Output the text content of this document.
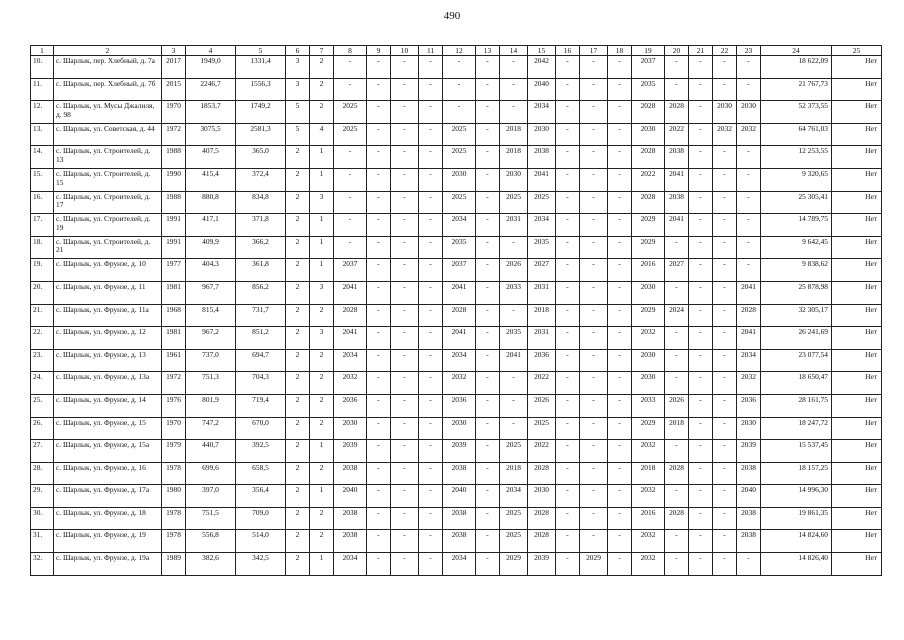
490
1	2	3	4	5	6	7	8	9	10	11	12	13	14	15	16	17	18	19	20	21	22	23	24	25
10.	с. Шарлык, пер. Хлебный, д. 7а	2017	1949,0	1331,4	3	2	-	-	-	-	-	-	-	2042	-	-	-	2037	-	-	-	-	18 622,09	Нет
11.	с. Шарлык, пер. Хлебный, д. 7б	2015	2246,7	1556,3	3	2	-	-	-	-	-	-	-	2040	-	-	-	2035	-	-	-	-	21 767,73	Нет
12.	с. Шарлык, ул. Мусы Джалиля, д. 98	1970	1853,7	1749,2	5	2	2025	-	-	-	-	-	-	2034	-	-	-	2028	2028	-	2030	2030	52 373,55	Нет
13.	с. Шарлык, ул. Советская, д. 44	1972	3075,5	2581,3	5	4	2025	-	-	-	2025	-	2018	2030	-	-	-	2030	2022	-	2032	2032	64 761,03	Нет
14.	с. Шарлык, ул. Строителей, д. 13	1988	407,5	365,0	2	1	-	-	-	-	2025	-	2018	2038	-	-	-	2028	2038	-	-	-	12 253,55	Нет
15.	с. Шарлык, ул. Строителей, д. 15	1990	415,4	372,4	2	1	-	-	-	-	2030	-	2030	2041	-	-	-	2022	2041	-	-	-	9 320,65	Нет
16.	с. Шарлык, ул. Строителей, д. 17	1988	880,8	834,8	2	3	-	-	-	-	2025	-	2025	2025	-	-	-	2028	2038	-	-	-	25 305,41	Нет
17.	с. Шарлык, ул. Строителей, д. 19	1991	417,1	371,8	2	1	-	-	-	-	2034	-	2031	2034	-	-	-	2029	2041	-	-	-	14 789,75	Нет
18.	с. Шарлык, ул. Строителей, д. 21	1991	409,9	366,2	2	1	-	-	-	-	2035	-	-	2035	-	-	-	2029	-	-	-	-	9 642,45	Нет
19.	с. Шарлык, ул. Фрунзе, д. 10	1977	404,3	361,8	2	1	2037	-	-	-	2037	-	2026	2027	-	-	-	2016	2027	-	-	-	9 838,62	Нет
20.	с. Шарлык, ул. Фрунзе, д. 11	1981	967,7	856,2	2	3	2041	-	-	-	2041	-	2033	2031	-	-	-	2030	-	-	-	2041	25 878,98	Нет
21.	с. Шарлык, ул. Фрунзе, д. 11а	1968	815,4	731,7	2	2	2028	-	-	-	2028	-	-	2018	-	-	-	2029	2024	-	-	2028	32 305,17	Нет
22.	с. Шарлык, ул. Фрунзе, д. 12	1981	967,2	851,2	2	3	2041	-	-	-	2041	-	2035	2031	-	-	-	2032	-	-	-	2041	26 241,69	Нет
23.	с. Шарлык, ул. Фрунзе, д. 13	1961	737,0	694,7	2	2	2034	-	-	-	2034	-	2041	2036	-	-	-	2030	-	-	-	2034	23 077,54	Нет
24.	с. Шарлык, ул. Фрунзе, д. 13а	1972	751,3	704,3	2	2	2032	-	-	-	2032	-	-	2022	-	-	-	2030	-	-	-	2032	18 650,47	Нет
25.	с. Шарлык, ул. Фрунзе, д. 14	1976	801,9	719,4	2	2	2036	-	-	-	2036	-	-	2026	-	-	-	2033	2026	-	-	2036	28 161,75	Нет
26.	с. Шарлык, ул. Фрунзе, д. 15	1970	747,2	670,0	2	2	2030	-	-	-	2030	-	-	2025	-	-	-	2029	2018	-	-	2030	18 247,72	Нет
27.	с. Шарлык, ул. Фрунзе, д. 15а	1979	440,7	392,5	2	1	2039	-	-	-	2039	-	2025	2022	-	-	-	2032	-	-	-	2039	15 537,45	Нет
28.	с. Шарлык, ул. Фрунзе, д. 16	1978	699,6	658,5	2	2	2038	-	-	-	2038	-	2018	2028	-	-	-	2018	2028	-	-	2038	18 157,25	Нет
29.	с. Шарлык, ул. Фрунзе, д. 17а	1980	397,0	356,4	2	1	2040	-	-	-	2040	-	2034	2030	-	-	-	2032	-	-	-	2040	14 996,30	Нет
30.	с. Шарлык, ул. Фрунзе, д. 18	1978	751,5	709,0	2	2	2038	-	-	-	2038	-	2025	2028	-	-	-	2016	2028	-	-	2038	19 861,35	Нет
31.	с. Шарлык, ул. Фрунзе, д. 19	1978	556,8	514,0	2	2	2038	-	-	-	2038	-	2025	2028	-	-	-	2032	-	-	-	2038	14 824,60	Нет
32.	с. Шарлык, ул. Фрунзе, д. 19а	1989	382,6	342,5	2	1	2034	-	-	-	2034	-	2029	2039	-	2029	-	2032	-	-	-	-	14 826,40	Нет
